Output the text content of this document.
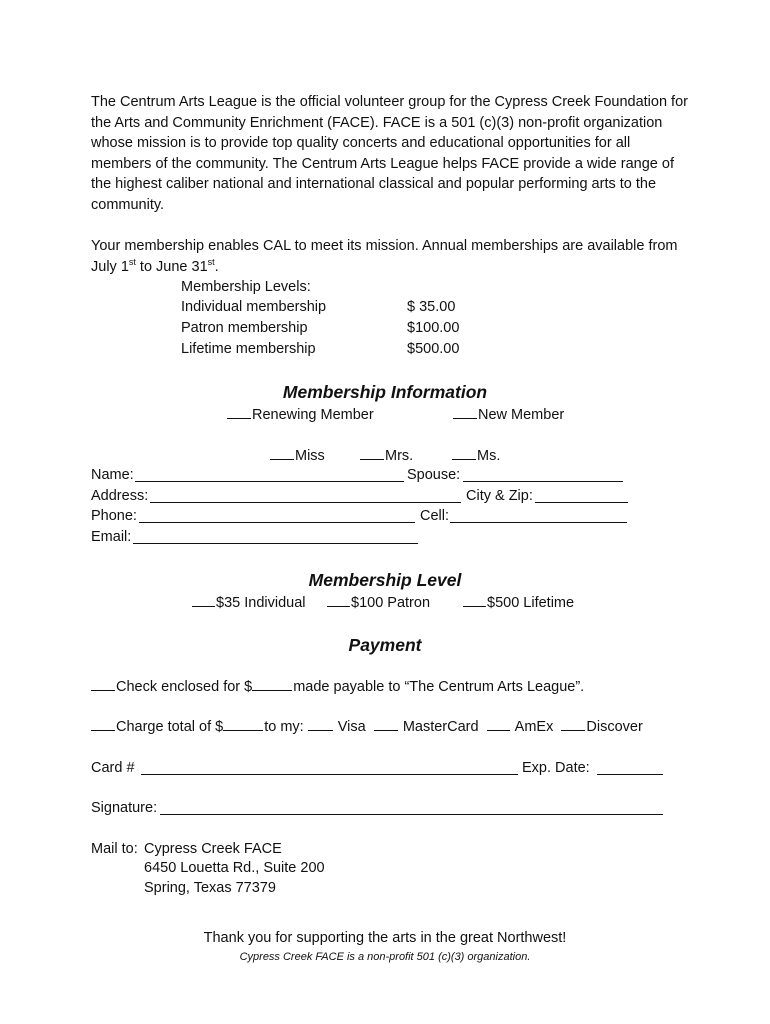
The Centrum Arts League is the official volunteer group for the Cypress Creek Foundation for the Arts and Community Enrichment (FACE). FACE is a 501 (c)(3) non-profit organization whose mission is to provide top quality concerts and educational opportunities for all members of the community. The Centrum Arts League helps FACE provide a wide range of the highest caliber national and international classical and popular performing arts to the community.
Your membership enables CAL to meet its mission. Annual memberships are available from July 1st to June 31st.
Membership Levels:
Individual membership	$ 35.00
Patron membership	$100.00
Lifetime membership	$500.00
Membership Information
Renewing Member	New Member
Miss	Mrs.	Ms.
Name:	Spouse:
Address:	City & Zip:
Phone:	Cell:
Email:
Membership Level
$35 Individual	$100 Patron	$500 Lifetime
Payment
Check enclosed for $	made payable to “The Centrum Arts League”.
Charge total of $	to my: Visa	MasterCard AmEx Discover
Card #	Exp. Date:
Signature:
Mail to: Cypress Creek FACE
6450 Louetta Rd., Suite 200
Spring, Texas 77379
Thank you for supporting the arts in the great Northwest!
Cypress Creek FACE is a non-profit 501 (c)(3) organization.
